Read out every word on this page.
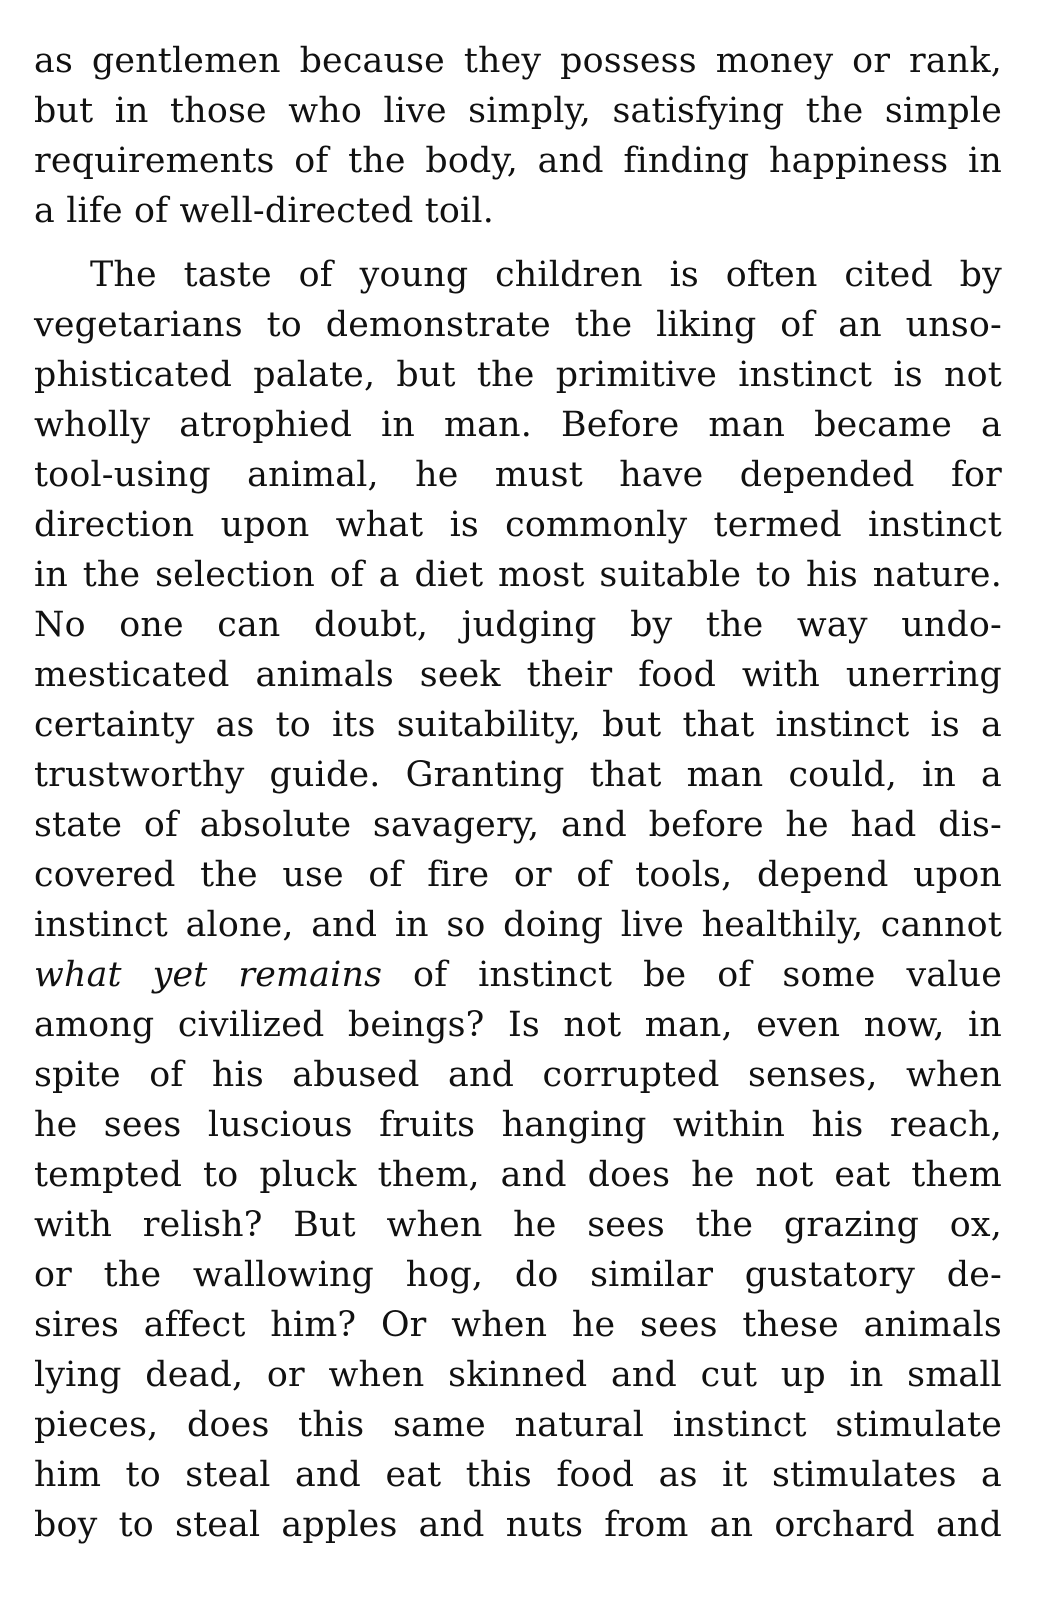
as gentlemen because they possess money or rank,
but in those who live simply, satisfying the simple
requirements of the body, and finding happiness in
a life of well-directed toil.
The taste of young children is often cited by
vegetarians to demonstrate the liking of an unso-
phisticated palate, but the primitive instinct is not
wholly atrophied in man. Before man became a
tool-using animal, he must have depended for
direction upon what is commonly termed instinct
in the selection of a diet most suitable to his nature.
No one can doubt, judging by the way undo-
mesticated animals seek their food with unerring
certainty as to its suitability, but that instinct is a
trustworthy guide. Granting that man could, in a
state of absolute savagery, and before he had dis-
covered the use of fire or of tools, depend upon
instinct alone, and in so doing live healthily, cannot
what yet remains of instinct be of some value
among civilized beings? Is not man, even now, in
spite of his abused and corrupted senses, when
he sees luscious fruits hanging within his reach,
tempted to pluck them, and does he not eat them
with relish? But when he sees the grazing ox,
or the wallowing hog, do similar gustatory de-
sires affect him? Or when he sees these animals
lying dead, or when skinned and cut up in small
pieces, does this same natural instinct stimulate
him to steal and eat this food as it stimulates a
boy to steal apples and nuts from an orchard and
